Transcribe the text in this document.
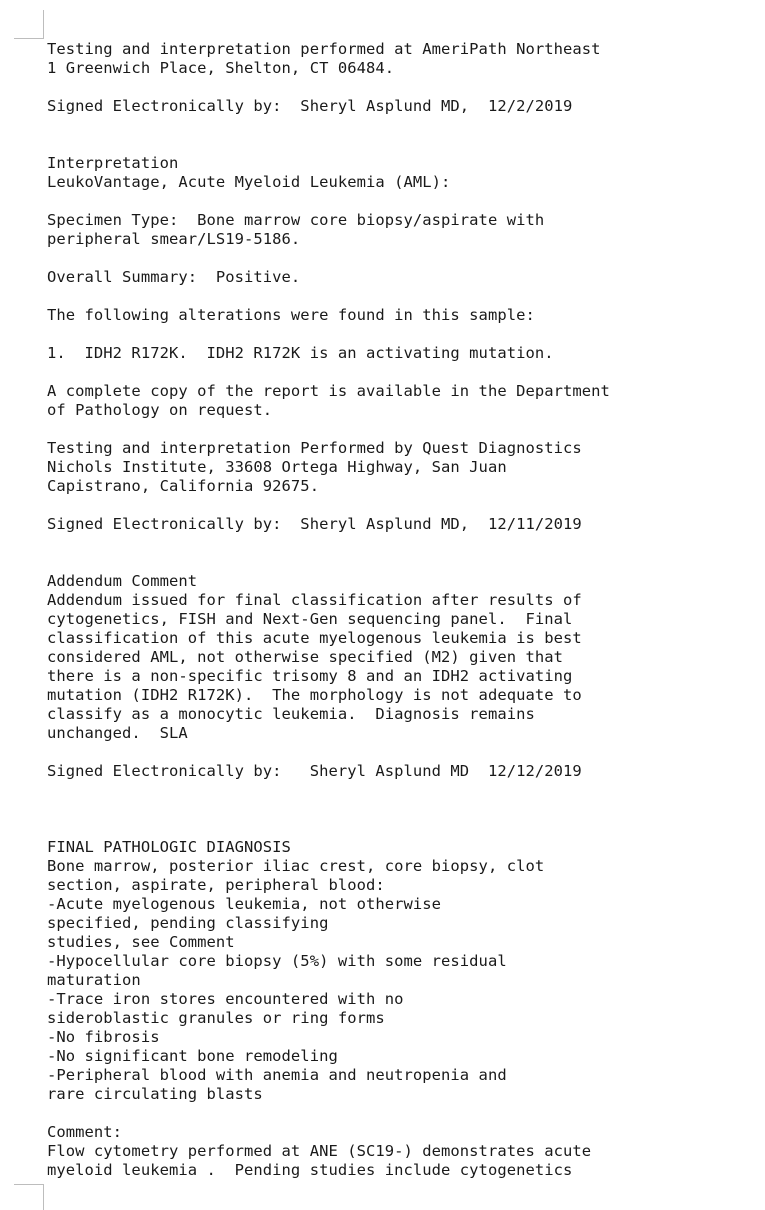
Testing and interpretation performed at AmeriPath Northeast
1 Greenwich Place, Shelton, CT 06484.
Signed Electronically by:  Sheryl Asplund MD,  12/2/2019
Interpretation
LeukoVantage, Acute Myeloid Leukemia (AML):
Specimen Type:  Bone marrow core biopsy/aspirate with
peripheral smear/LS19-5186.
Overall Summary:  Positive.
The following alterations were found in this sample:
1.  IDH2 R172K.  IDH2 R172K is an activating mutation.
A complete copy of the report is available in the Department
of Pathology on request.
Testing and interpretation Performed by Quest Diagnostics
Nichols Institute, 33608 Ortega Highway, San Juan
Capistrano, California 92675.
Signed Electronically by:  Sheryl Asplund MD,  12/11/2019
Addendum Comment
Addendum issued for final classification after results of
cytogenetics, FISH and Next-Gen sequencing panel.  Final
classification of this acute myelogenous leukemia is best
considered AML, not otherwise specified (M2) given that
there is a non-specific trisomy 8 and an IDH2 activating
mutation (IDH2 R172K).  The morphology is not adequate to
classify as a monocytic leukemia.  Diagnosis remains
unchanged.  SLA
Signed Electronically by:   Sheryl Asplund MD  12/12/2019
FINAL PATHOLOGIC DIAGNOSIS
Bone marrow, posterior iliac crest, core biopsy, clot
section, aspirate, peripheral blood:
-Acute myelogenous leukemia, not otherwise
specified, pending classifying
studies, see Comment
-Hypocellular core biopsy (5%) with some residual
maturation
-Trace iron stores encountered with no
sideroblastic granules or ring forms
-No fibrosis
-No significant bone remodeling
-Peripheral blood with anemia and neutropenia and
rare circulating blasts
Comment:
Flow cytometry performed at ANE (SC19-) demonstrates acute
myeloid leukemia .  Pending studies include cytogenetics
